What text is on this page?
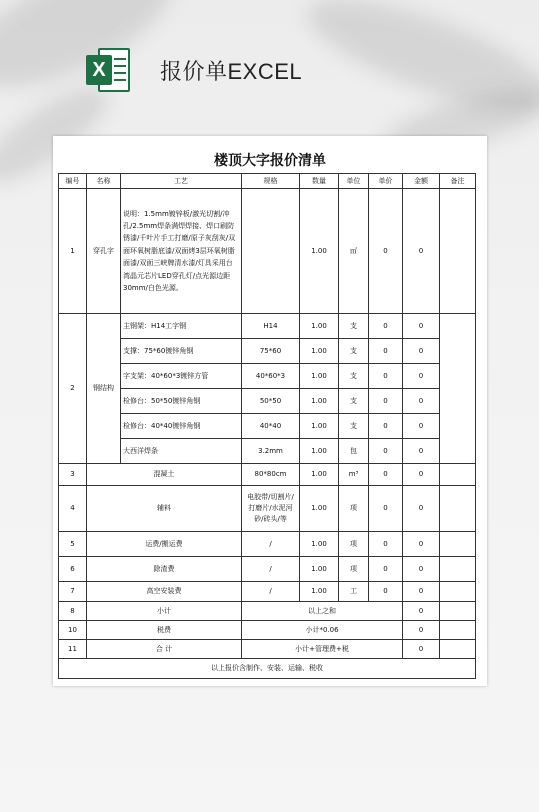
X 报价单EXCEL
楼顶大字报价清单
编号	名称	工艺	规格	数量	单位	单价	金额	备注
1	穿孔字	说明：1.5mm镀锌板/激光切割/冲孔/2.5mm焊条满焊焊接、焊口刷防锈漆/千叶片手工打磨/原子灰刮灰/双面环氧树脂底漆/双面烤3层环氧树脂面漆/双面三峡牌清水漆/灯具采用台湾晶元芯片LED穿孔灯/点光源边距30mm/白色光源。		1.00	㎡	0	0	
2	钢结构	主钢架：H14工字钢	H14	1.00	支	0	0	
		支撑：75*60镀锌角钢	75*60	1.00	支	0	0	
		字支架：40*60*3镀锌方管	40*60*3	1.00	支	0	0	
		检修台：50*50镀锌角钢	50*50	1.00	支	0	0	
		检修台：40*40镀锌角钢	40*40	1.00	支	0	0	
		大西洋焊条	3.2mm	1.00	包	0	0	
3	混凝土		80*80cm	1.00	m³	0	0	
4	辅料		电胶带/切割片/打磨片/水泥河砂/砖头/等	1.00	项	0	0	
5	运费/搬运费		/	1.00	项	0	0	
6	除渣费		/	1.00	项	0	0	
7	高空安装费		/	1.00	工	0	0	
8	小计		以上之和				0	
10	税费		小计*0.06				0	
11	合 计		小计+管理费+税				0	
以上报价含制作、安装、运输、税收								
